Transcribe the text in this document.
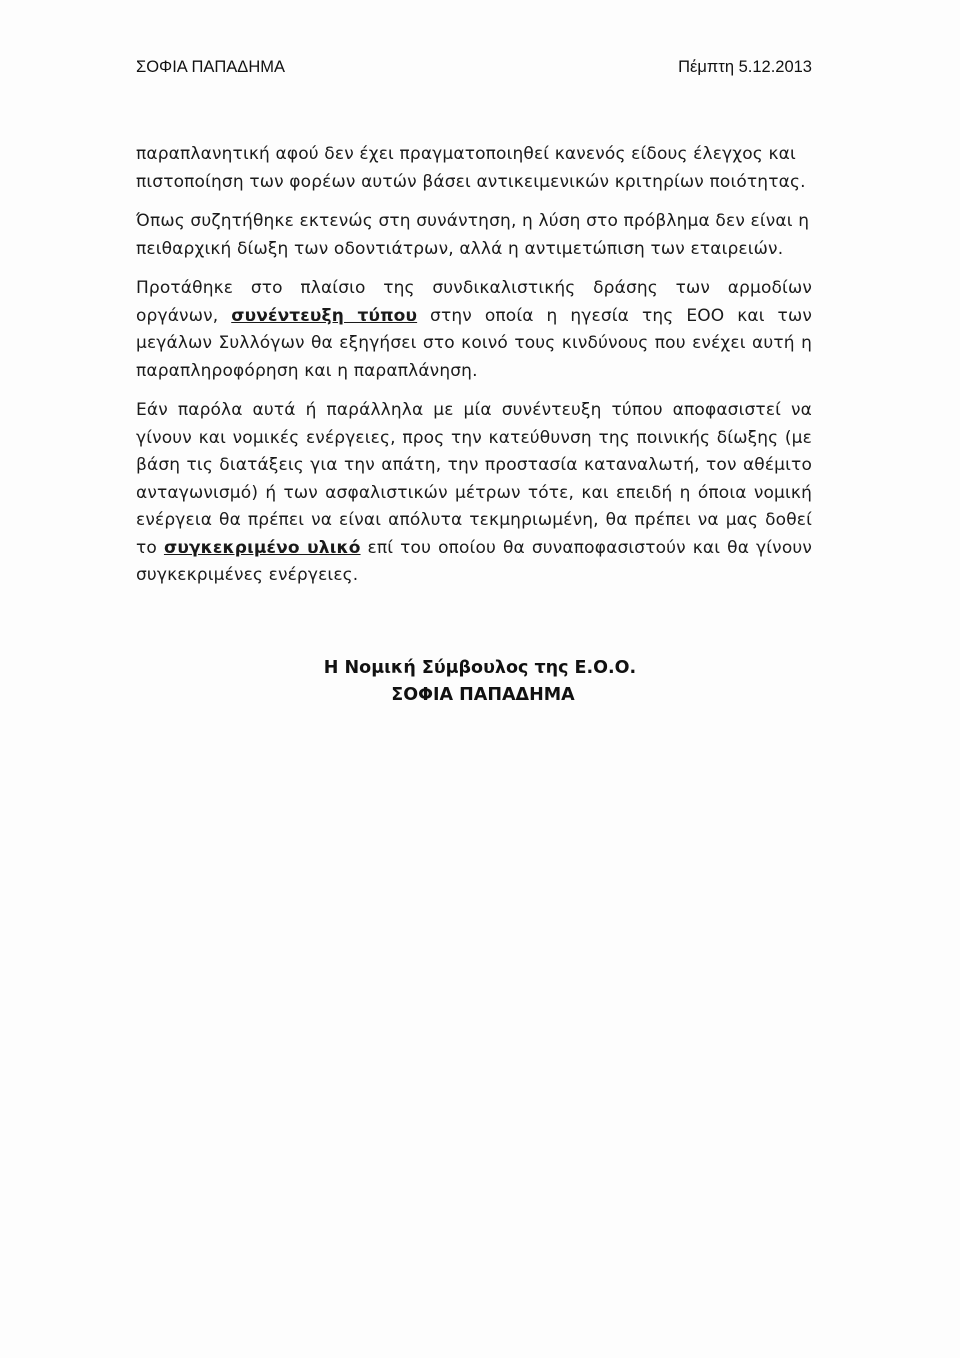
ΣΟΦΙΑ ΠΑΠΑΔΗΜΑ	Πέμπτη 5.12.2013

παραπλανητική αφού δεν έχει πραγματοποιηθεί κανενός είδους έλεγχος και πιστοποίηση των φορέων αυτών βάσει αντικειμενικών κριτηρίων ποιότητας.

Όπως συζητήθηκε εκτενώς στη συνάντηση, η λύση στο πρόβλημα δεν είναι η πειθαρχική δίωξη των οδοντιάτρων, αλλά η αντιμετώπιση των εταιρειών.

Προτάθηκε στο πλαίσιο της συνδικαλιστικής δράσης των αρμοδίων οργάνων, συνέντευξη τύπου στην οποία η ηγεσία της ΕΟΟ και των μεγάλων Συλλόγων θα εξηγήσει στο κοινό τους κινδύνους που ενέχει αυτή η παραπληροφόρηση και η παραπλάνηση.

Εάν παρόλα αυτά ή παράλληλα με μία συνέντευξη τύπου αποφασιστεί να γίνουν και νομικές ενέργειες, προς την κατεύθυνση της ποινικής δίωξης (με βάση τις διατάξεις για την απάτη, την προστασία καταναλωτή, τον αθέμιτο ανταγωνισμό) ή των ασφαλιστικών μέτρων τότε, και επειδή η όποια νομική ενέργεια θα πρέπει να είναι απόλυτα τεκμηριωμένη, θα πρέπει να μας δοθεί το συγκεκριμένο υλικό επί του οποίου θα συναποφασιστούν και θα γίνουν συγκεκριμένες ενέργειες.

Η Νομική Σύμβουλος της Ε.Ο.Ο.
ΣΟΦΙΑ ΠΑΠΑΔΗΜΑ
